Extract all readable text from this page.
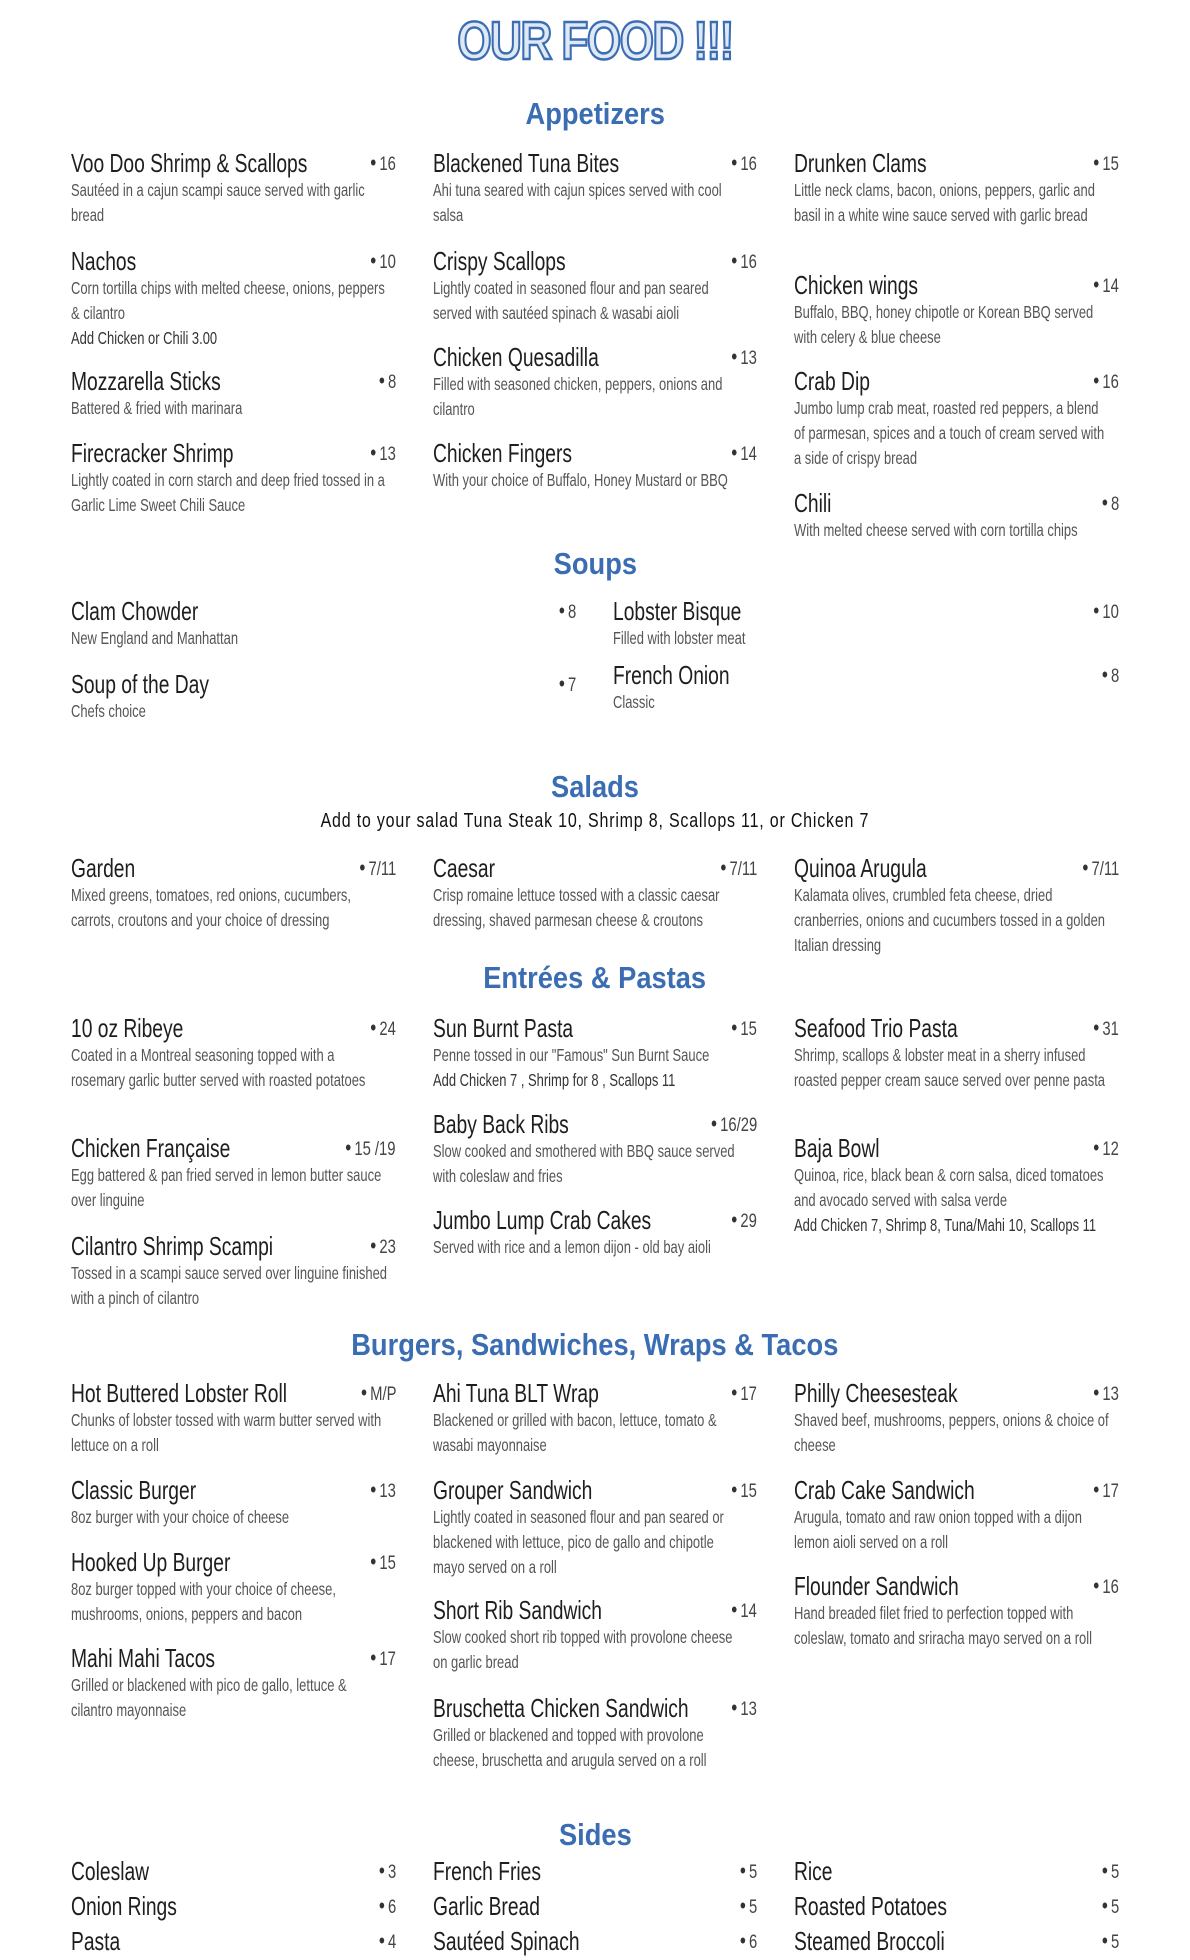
OUR FOOD !!!
Appetizers
Soups
Salads
Add to your salad Tuna Steak 10, Shrimp 8, Scallops 11, or Chicken 7
Entrées & Pastas
Burgers, Sandwiches, Wraps & Tacos
Sides
Voo Doo Shrimp & Scallops
Sautéed in a cajun scampi sauce served with garlic bread
• 16
Nachos
Corn tortilla chips with melted cheese, onions, peppers & cilantro
Add Chicken or Chili 3.00
• 10
Mozzarella Sticks
Battered & fried with marinara
• 8
Firecracker Shrimp
Lightly coated in corn starch and deep fried tossed in a Garlic Lime Sweet Chili Sauce
• 13
Blackened Tuna Bites
Ahi tuna seared with cajun spices served with cool salsa
• 16
Crispy Scallops
Lightly coated in seasoned flour and pan seared served with sautéed spinach & wasabi aioli
• 16
Chicken Quesadilla
Filled with seasoned chicken, peppers, onions and cilantro
• 13
Chicken Fingers
With your choice of Buffalo, Honey Mustard or BBQ
• 14
Drunken Clams
Little neck clams, bacon, onions, peppers, garlic and basil in a white wine sauce served with garlic bread
• 15
Chicken wings
Buffalo, BBQ, honey chipotle or Korean BBQ served with celery & blue cheese
• 14
Crab Dip
Jumbo lump crab meat, roasted red peppers, a blend of parmesan, spices and a touch of cream served with a side of crispy bread
• 16
Chili
With melted cheese served with corn tortilla chips
• 8
Clam Chowder
New England and Manhattan
• 8
Soup of the Day
Chefs choice
• 7
Lobster Bisque
Filled with lobster meat
• 10
French Onion
Classic
• 8
Garden
Mixed greens, tomatoes, red onions, cucumbers, carrots, croutons and your choice of dressing
• 7/11 Caesar
Crisp romaine lettuce tossed with a classic caesar dressing, shaved parmesan cheese & croutons
• 7/11 Quinoa Arugula
Kalamata olives, crumbled feta cheese, dried cranberries, onions and cucumbers tossed in a golden Italian dressing
• 7/11
10 oz Ribeye
Coated in a Montreal seasoning topped with a rosemary garlic butter served with roasted potatoes
• 24
Chicken Française
Egg battered & pan fried served in lemon butter sauce over linguine
• 15 /19
Cilantro Shrimp Scampi
Tossed in a scampi sauce served over linguine finished with a pinch of cilantro
• 23
Sun Burnt Pasta
Penne tossed in our "Famous" Sun Burnt Sauce
Add Chicken 7 , Shrimp for 8 , Scallops 11
• 15
Baby Back Ribs
Slow cooked and smothered with BBQ sauce served with coleslaw and fries
• 16/29
Jumbo Lump Crab Cakes
Served with rice and a lemon dijon - old bay aioli
• 29
Seafood Trio Pasta
Shrimp, scallops & lobster meat in a sherry infused roasted pepper cream sauce served over penne pasta
• 31
Baja Bowl
Quinoa, rice, black bean & corn salsa, diced tomatoes and avocado served with salsa verde
Add Chicken 7, Shrimp 8, Tuna/Mahi 10, Scallops 11
• 12
Hot Buttered Lobster Roll
Chunks of lobster tossed with warm butter served with lettuce on a roll
• M/P
Classic Burger
8oz burger with your choice of cheese
• 13
Hooked Up Burger
8oz burger topped with your choice of cheese, mushrooms, onions, peppers and bacon
• 15
Mahi Mahi Tacos
Grilled or blackened with pico de gallo, lettuce & cilantro mayonnaise
• 17
Ahi Tuna BLT Wrap
Blackened or grilled with bacon, lettuce, tomato & wasabi mayonnaise
• 17
Grouper Sandwich
Lightly coated in seasoned flour and pan seared or blackened with lettuce, pico de gallo and chipotle mayo served on a roll
• 15
Short Rib Sandwich
Slow cooked short rib topped with provolone cheese on garlic bread
• 14
Bruschetta Chicken Sandwich
Grilled or blackened and topped with provolone cheese, bruschetta and arugula served on a roll
• 13
Philly Cheesesteak
Shaved beef, mushrooms, peppers, onions & choice of cheese
• 13
Crab Cake Sandwich
Arugula, tomato and raw onion topped with a dijon lemon aioli served on a roll
• 17
Flounder Sandwich
Hand breaded filet fried to perfection topped with coleslaw, tomato and sriracha mayo served on a roll
• 16
Coleslaw	• 3
Onion Rings	• 6
Pasta	• 4
French Fries	• 5
Garlic Bread	• 5
Sautéed Spinach	• 6
Rice	• 5
Roasted Potatoes	• 5
Steamed Broccoli	• 5
